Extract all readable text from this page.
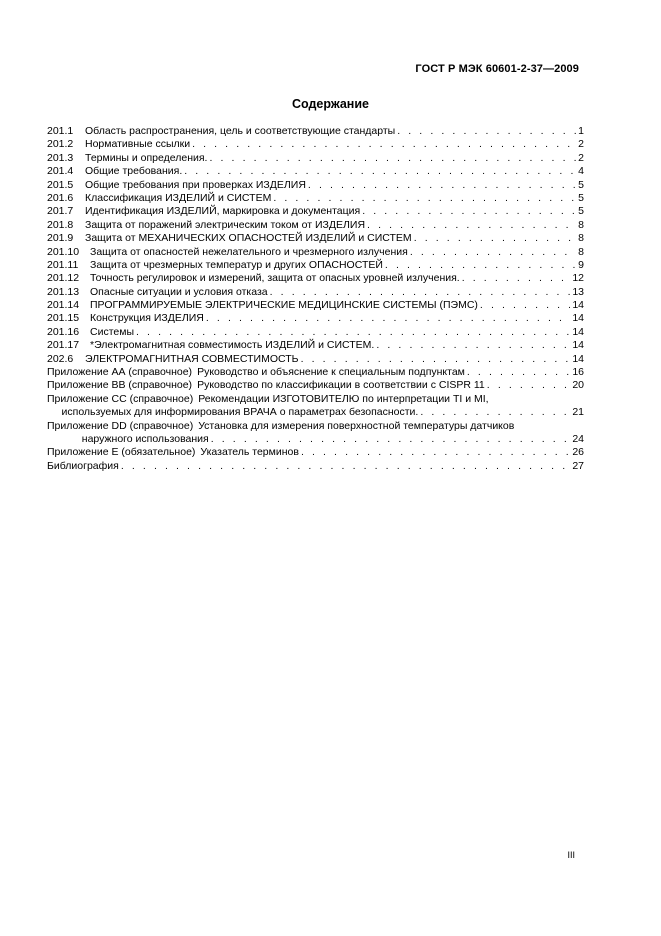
ГОСТ Р МЭК 60601-2-37—2009
Содержание
201.1	Область распространения, цель и соответствующие стандарты . . .	1
201.2	Нормативные ссылки . . .	2
201.3	Термины и определения. . . .	2
201.4	Общие требования. . . .	4
201.5	Общие требования при проверках ИЗДЕЛИЯ . . .	5
201.6	Классификация ИЗДЕЛИЙ и СИСТЕМ . . .	5
201.7	Идентификация ИЗДЕЛИЙ, маркировка и документация . . .	5
201.8	Защита от поражений электрическим током от ИЗДЕЛИЯ . . .	8
201.9	Защита от МЕХАНИЧЕСКИХ ОПАСНОСТЕЙ ИЗДЕЛИЙ и СИСТЕМ . . .	8
201.10	Защита от опасностей нежелательного и чрезмерного излучения . . .	8
201.11	Защита от чрезмерных температур и других ОПАСНОСТЕЙ . . .	9
201.12	Точность регулировок и измерений, защита от опасных уровней излучения. . . .	12
201.13	Опасные ситуации и условия отказа . . .	13
201.14	ПРОГРАММИРУЕМЫЕ ЭЛЕКТРИЧЕСКИЕ МЕДИЦИНСКИЕ СИСТЕМЫ (ПЭМС) . . .	14
201.15	Конструкция ИЗДЕЛИЯ . . .	14
201.16	Системы . . .	14
201.17	*Электромагнитная совместимость ИЗДЕЛИЙ и СИСТЕМ. . . .	14
202.6	ЭЛЕКТРОМАГНИТНАЯ СОВМЕСТИМОСТЬ . . .	14
Приложение АА (справочное) Руководство и объяснение к специальным подпунктам . . .	16
Приложение ВВ (справочное) Руководство по классификации в соответствии с CISPR 11 . . .	20
Приложение СС (справочное) Рекомендации ИЗГОТОВИТЕЛЮ по интерпретации TI и MI,
используемых для информирования ВРАЧА о параметрах безопасности. . . .	21
Приложение DD (справочное) Установка для измерения поверхностной температуры датчиков
наружного использования . . .	24
Приложение Е (обязательное) Указатель терминов . . .	26
Библиография . . .	27
III
